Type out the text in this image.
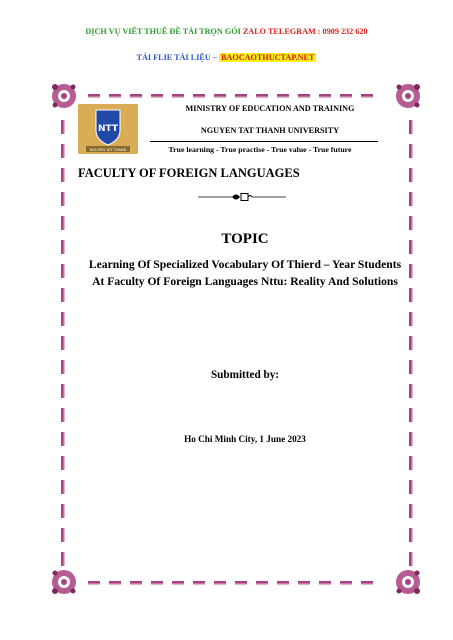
DỊCH VỤ VIẾT THUÊ ĐỀ TÀI TRỌN GÓI ZALO TELEGRAM : 0909 232 620
TẢI FLIE TÀI LIỆU – BAOCAOTHUCTAP.NET
NTT
NGUYEN TAT THANH
MINISTRY OF EDUCATION AND TRAINING
NGUYEN TAT THANH UNIVERSITY
True learning - True practise - True value - True future
FACULTY OF FOREIGN LANGUAGES
TOPIC
Learning Of Specialized Vocabulary Of Thierd – Year Students
At Faculty Of Foreign Languages Nttu: Reality And Solutions
Submitted by:
Ho Chi Minh City, 1 June 2023
